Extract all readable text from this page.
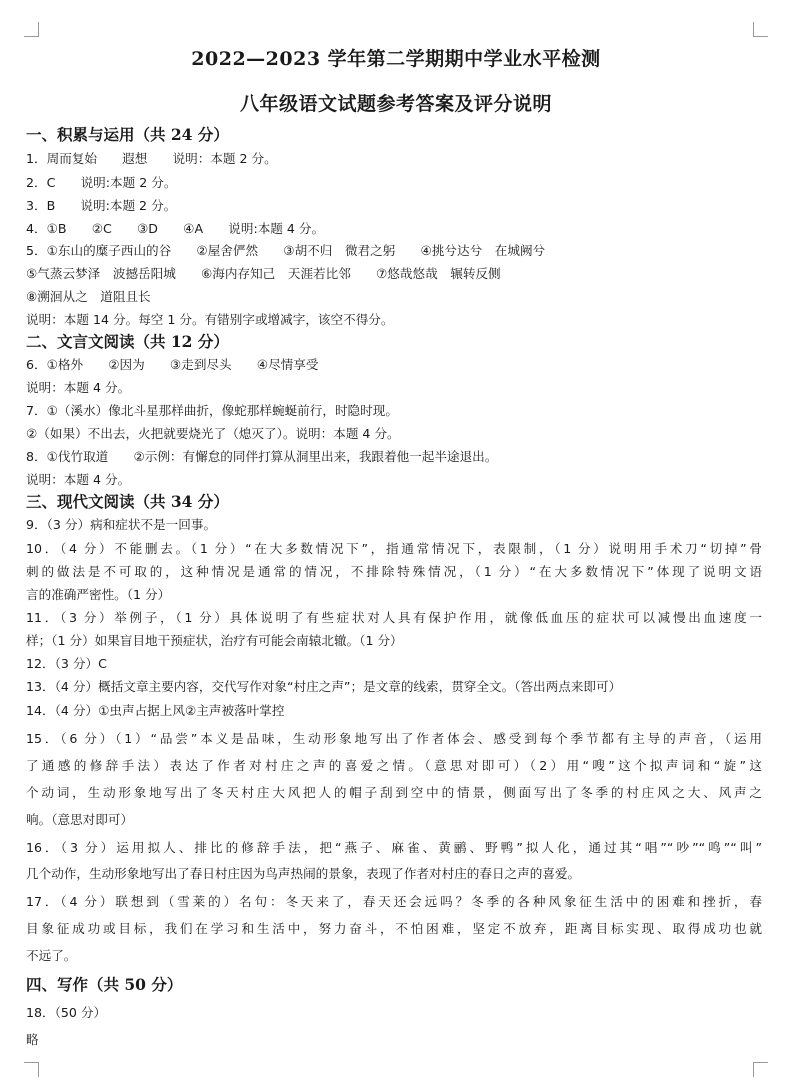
2022—2023 学年第二学期期中学业水平检测
八年级语文试题参考答案及评分说明
一、积累与运用（共 24 分）
1．周而复始　　遐想　　说明：本题 2 分。
2．C　　说明:本题 2 分。
3．B　　说明:本题 2 分。
4．①B　　②C　　③D　　④A　　说明:本题 4 分。
5．①东山的糜子西山的谷　　②屋舍俨然　　③胡不归　微君之躬　　④挑兮达兮　在城阙兮
⑤气蒸云梦泽　波撼岳阳城　　⑥海内存知己　天涯若比邻　　⑦悠哉悠哉　辗转反侧
⑧溯洄从之　道阻且长
说明：本题 14 分。每空 1 分。有错别字或增减字，该空不得分。
二、文言文阅读（共 12 分）
6．①格外　　②因为　　③走到尽头　　④尽情享受
说明：本题 4 分。
7．①（溪水）像北斗星那样曲折，像蛇那样蜿蜒前行，时隐时现。
②（如果）不出去，火把就要烧光了（熄灭了）。说明：本题 4 分。
8．①伐竹取道　　②示例：有懈怠的同伴打算从洞里出来，我跟着他一起半途退出。
说明：本题 4 分。
三、现代文阅读（共 34 分）
9．（3 分）病和症状不是一回事。
10．（4 分）不能删去。（1 分）“在大多数情况下”，指通常情况下，表限制，（1 分）说明用手术刀“切掉”骨
刺的做法是不可取的，这种情况是通常的情况，不排除特殊情况，（1 分）“在大多数情况下”体现了说明文语
言的准确严密性。（1 分）
11．（3 分）举例子，（1 分）具体说明了有些症状对人具有保护作用，就像低血压的症状可以减慢出血速度一
样；（1 分）如果盲目地干预症状，治疗有可能会南辕北辙。（1 分）
12．（3 分）C
13．（4 分）概括文章主要内容，交代写作对象“村庄之声”；是文章的线索，贯穿全文。（答出两点来即可）
14．（4 分）①虫声占据上风②主声被落叶掌控
15．（6 分）（1）“品尝”本义是品味，生动形象地写出了作者体会、感受到每个季节都有主导的声音，（运用
了通感的修辞手法）表达了作者对村庄之声的喜爱之情。（意思对即可）（2）用“嗖”这个拟声词和“旋”这
个动词，生动形象地写出了冬天村庄大风把人的帽子刮到空中的情景，侧面写出了冬季的村庄风之大、风声之
响。（意思对即可）
16．（3 分）运用拟人、排比的修辞手法，把“燕子、麻雀、黄鹂、野鸭”拟人化，通过其“唱”“吵”“鸣”“叫”
几个动作，生动形象地写出了春日村庄因为鸟声热闹的景象，表现了作者对村庄的春日之声的喜爱。
17．（4 分）联想到（雪莱的）名句：冬天来了，春天还会远吗？冬季的各种风象征生活中的困难和挫折，春
目象征成功或目标，我们在学习和生活中，努力奋斗，不怕困难，坚定不放弃，距离目标实现、取得成功也就
不远了。
四、写作（共 50 分）
18．（50 分）
略
